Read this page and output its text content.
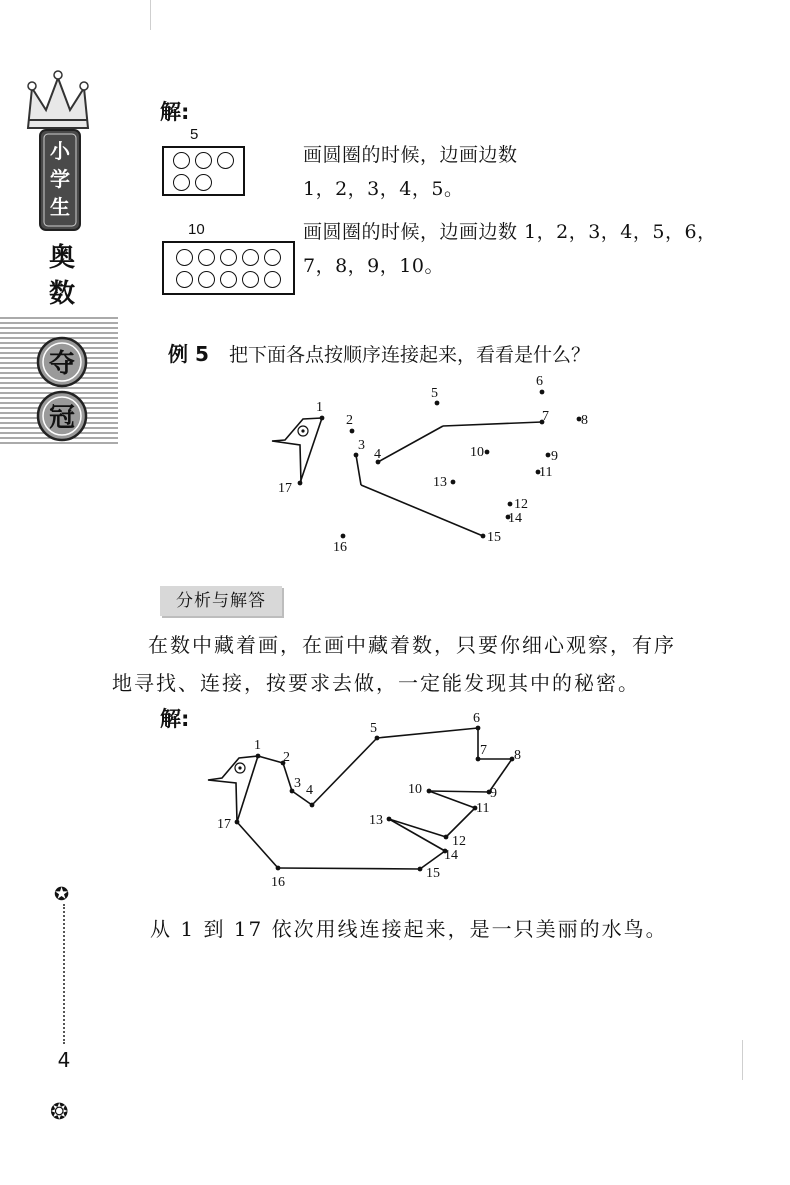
小
学
生
奥
数
夺
冠
解:
5
画圆圈的时候，边画边数
1，2，3，4，5。
10	画圆圈的时候，边画边数 1，2，3，4，5，6，
7，8，9，10。
例 5 把下面各点按顺序连接起来，看看是什么？
1
2
3
4
5
6
7 8
9
10
11
12
13
14
15
16
17
1
2
3 4
5
6
7 8
9
10
11
12
13
14
15
16
17
分析与解答
在数中藏着画，在画中藏着数，只要你细心观察，有序
地寻找、连接，按要求去做，一定能发现其中的秘密。
解:
从 1 到 17 依次用线连接起来，是一只美丽的水鸟。
✪
4
❂
